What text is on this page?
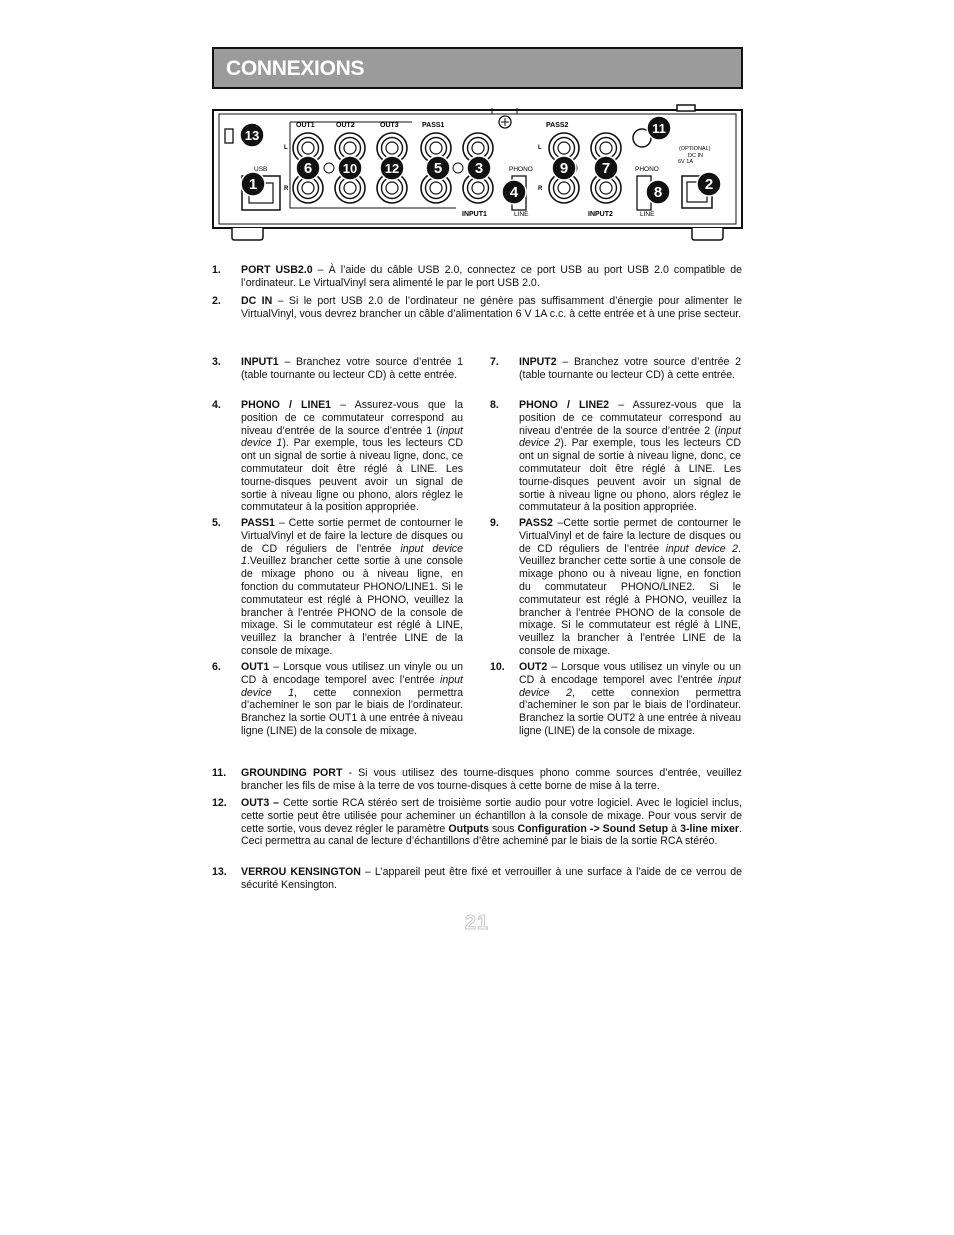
CONNEXIONS
OUT1	OUT2	OUT3	PASS1	PASS2
USB
L
R
L
R
PHONO
LINE
PHONO
LINE
INPUT1	INPUT2
(OPTIONAL)
DC IN
6V 1A
1	2
3
4
5
6	7
8
9
10
11
12
13
1. PORT USB2.0 – À l’aide du câble USB 2.0, connectez ce port USB au port USB 2.0 compatible de l’ordinateur. Le VirtualVinyl sera alimenté le par le port USB 2.0.
2. DC IN – Si le port USB 2.0 de l’ordinateur ne génère pas suffisamment d’énergie pour alimenter le VirtualVinyl, vous devrez brancher un câble d’alimentation 6 V 1A c.c. à cette entrée et à une prise secteur.
3. INPUT1 – Branchez votre source d’entrée 1 (table tournante ou lecteur CD) à cette entrée.
4. PHONO / LINE1 – Assurez-vous que la position de ce commutateur correspond au niveau d’entrée de la source d’entrée 1 (input device 1). Par exemple, tous les lecteurs CD ont un signal de sortie à niveau ligne, donc, ce commutateur doit être réglé à LINE. Les tourne-disques peuvent avoir un signal de sortie à niveau ligne ou phono, alors réglez le commutateur à la position appropriée.
5. PASS1 – Cette sortie permet de contourner le VirtualVinyl et de faire la lecture de disques ou de CD réguliers de l’entrée input device 1.Veuillez brancher cette sortie à une console de mixage phono ou à niveau ligne, en fonction du commutateur PHONO/LINE1. Si le commutateur est réglé à PHONO, veuillez la brancher à l’entrée PHONO de la console de mixage. Si le commutateur est réglé à LINE, veuillez la brancher à l’entrée LINE de la console de mixage.
6. OUT1 – Lorsque vous utilisez un vinyle ou un CD à encodage temporel avec l’entrée input device 1, cette connexion permettra d’acheminer le son par le biais de l’ordinateur. Branchez la sortie OUT1 à une entrée à niveau ligne (LINE) de la console de mixage.
7. INPUT2 – Branchez votre source d’entrée 2 (table tournante ou lecteur CD) à cette entrée.
8. PHONO / LINE2 – Assurez-vous que la position de ce commutateur correspond au niveau d’entrée de la source d’entrée 2 (input device 2). Par exemple, tous les lecteurs CD ont un signal de sortie à niveau ligne, donc, ce commutateur doit être réglé à LINE. Les tourne-disques peuvent avoir un signal de sortie à niveau ligne ou phono, alors réglez le commutateur à la position appropriée.
9. PASS2 –Cette sortie permet de contourner le VirtualVinyl et de faire la lecture de disques ou de CD réguliers de l’entrée input device 2. Veuillez brancher cette sortie à une console de mixage phono ou à niveau ligne, en fonction du commutateur PHONO/LINE2. Si le commutateur est réglé à PHONO, veuillez la brancher à l’entrée PHONO de la console de mixage. Si le commutateur est réglé à LINE, veuillez la brancher à l’entrée LINE de la console de mixage.
10. OUT2 – Lorsque vous utilisez un vinyle ou un CD à encodage temporel avec l’entrée input device 2, cette connexion permettra d’acheminer le son par le biais de l’ordinateur. Branchez la sortie OUT2 à une entrée à niveau ligne (LINE) de la console de mixage.
11. GROUNDING PORT - Si vous utilisez des tourne-disques phono comme sources d’entrée, veuillez brancher les fils de mise à la terre de vos tourne-disques à cette borne de mise à la terre.
12. OUT3 – Cette sortie RCA stéréo sert de troisième sortie audio pour votre logiciel. Avec le logiciel inclus, cette sortie peut être utilisée pour acheminer un échantillon à la console de mixage. Pour vous servir de cette sortie, vous devez régler le paramètre Outputs sous Configuration -> Sound Setup à 3-line mixer. Ceci permettra au canal de lecture d’échantillons d’être acheminé par le biais de la sortie RCA stéréo.
13. VERROU KENSINGTON – L’appareil peut être fixé et verrouiller à une surface à l’aide de ce verrou de sécurité Kensington.
21
